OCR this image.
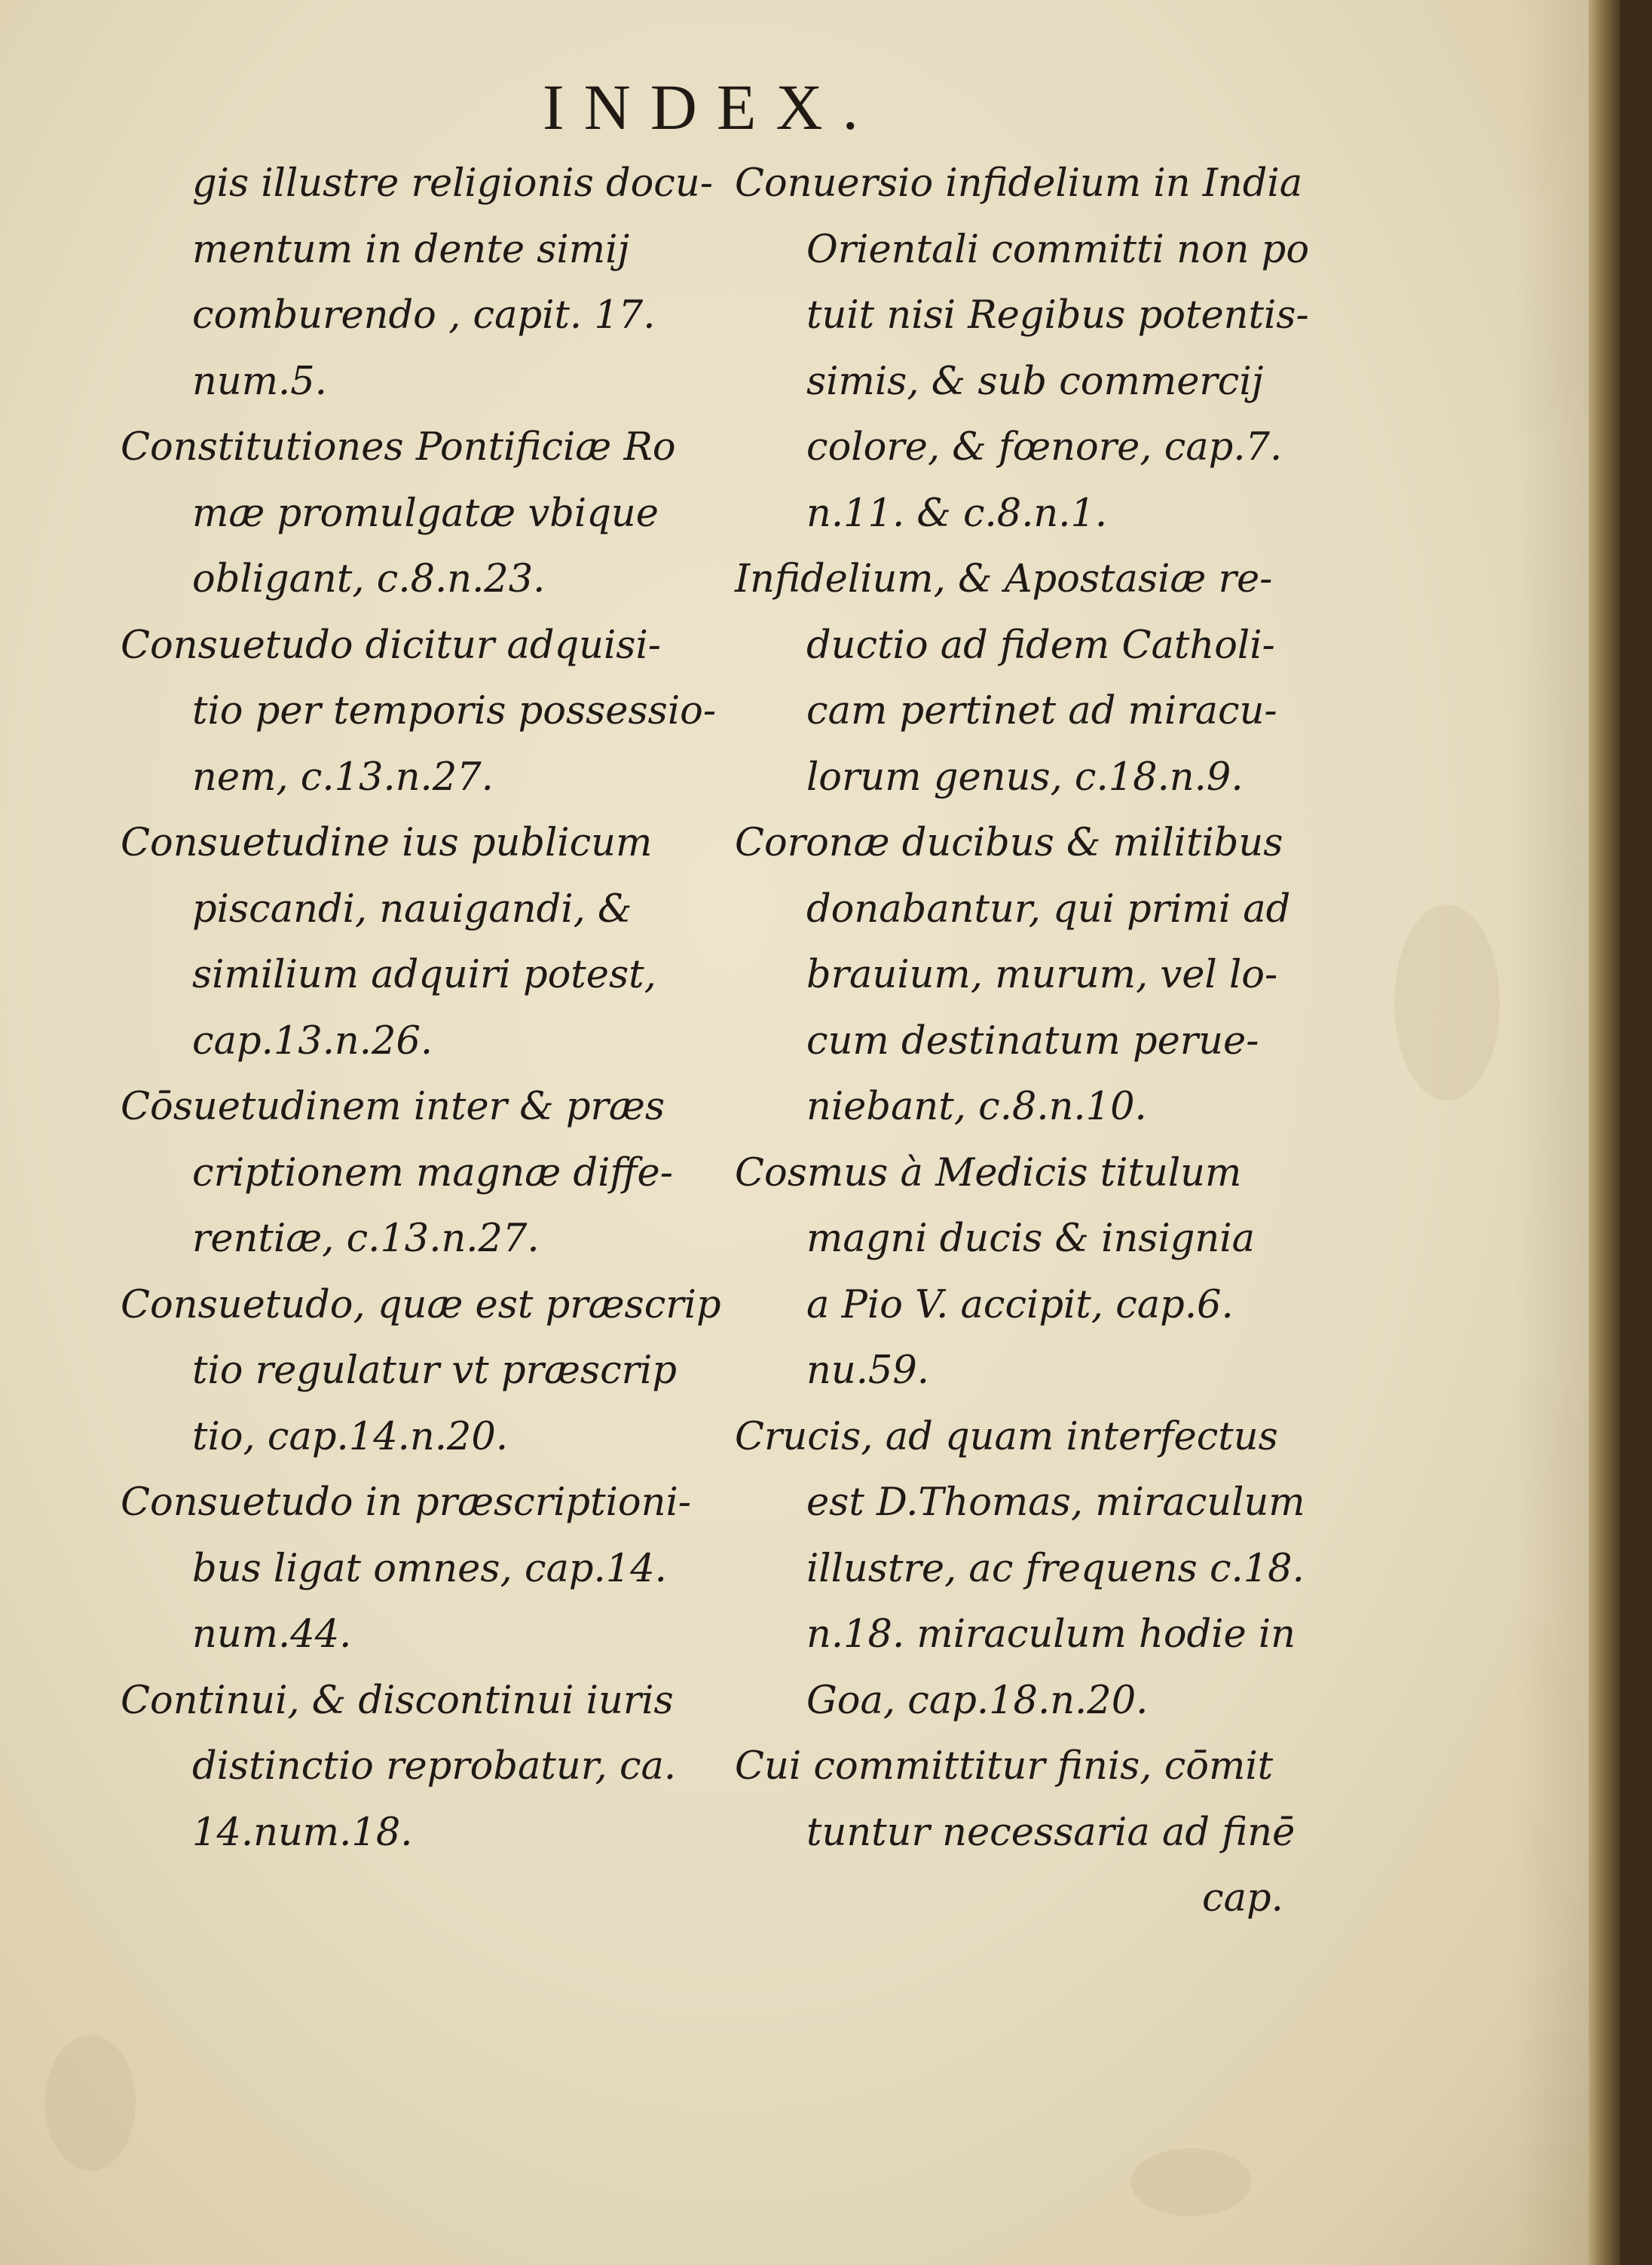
INDEX.
gis illustre religionis docu-
mentum in dente simij
comburendo , capit. 17.
num.5.
Constitutiones Pontificiæ Ro
mæ promulgatæ vbique
obligant, c.8.n.23.
Consuetudo dicitur adquisi-
tio per temporis possessio-
nem, c.13.n.27.
Consuetudine ius publicum
piscandi, nauigandi, &
similium adquiri potest,
cap.13.n.26.
Cōsuetudinem inter & præs
criptionem magnæ diffe-
rentiæ, c.13.n.27.
Consuetudo, quæ est præscrip
tio regulatur vt præscrip
tio, cap.14.n.20.
Consuetudo in præscriptioni-
bus ligat omnes, cap.14.
num.44.
Continui, & discontinui iuris
distinctio reprobatur, ca.
14.num.18.
Conuersio infidelium in India
Orientali committi non po
tuit nisi Regibus potentis-
simis, & sub commercij
colore, & fœnore, cap.7.
n.11. & c.8.n.1.
Infidelium, & Apostasiæ re-
ductio ad fidem Catholi-
cam pertinet ad miracu-
lorum genus, c.18.n.9.
Coronæ ducibus & militibus
donabantur, qui primi ad
brauium, murum, vel lo-
cum destinatum perue-
niebant, c.8.n.10.
Cosmus à Medicis titulum
magni ducis & insignia
a Pio V. accipit, cap.6.
nu.59.
Crucis, ad quam interfectus
est D.Thomas, miraculum
illustre, ac frequens c.18.
n.18. miraculum hodie in
Goa, cap.18.n.20.
Cui committitur finis, cōmit
tuntur necessaria ad finē
cap.
